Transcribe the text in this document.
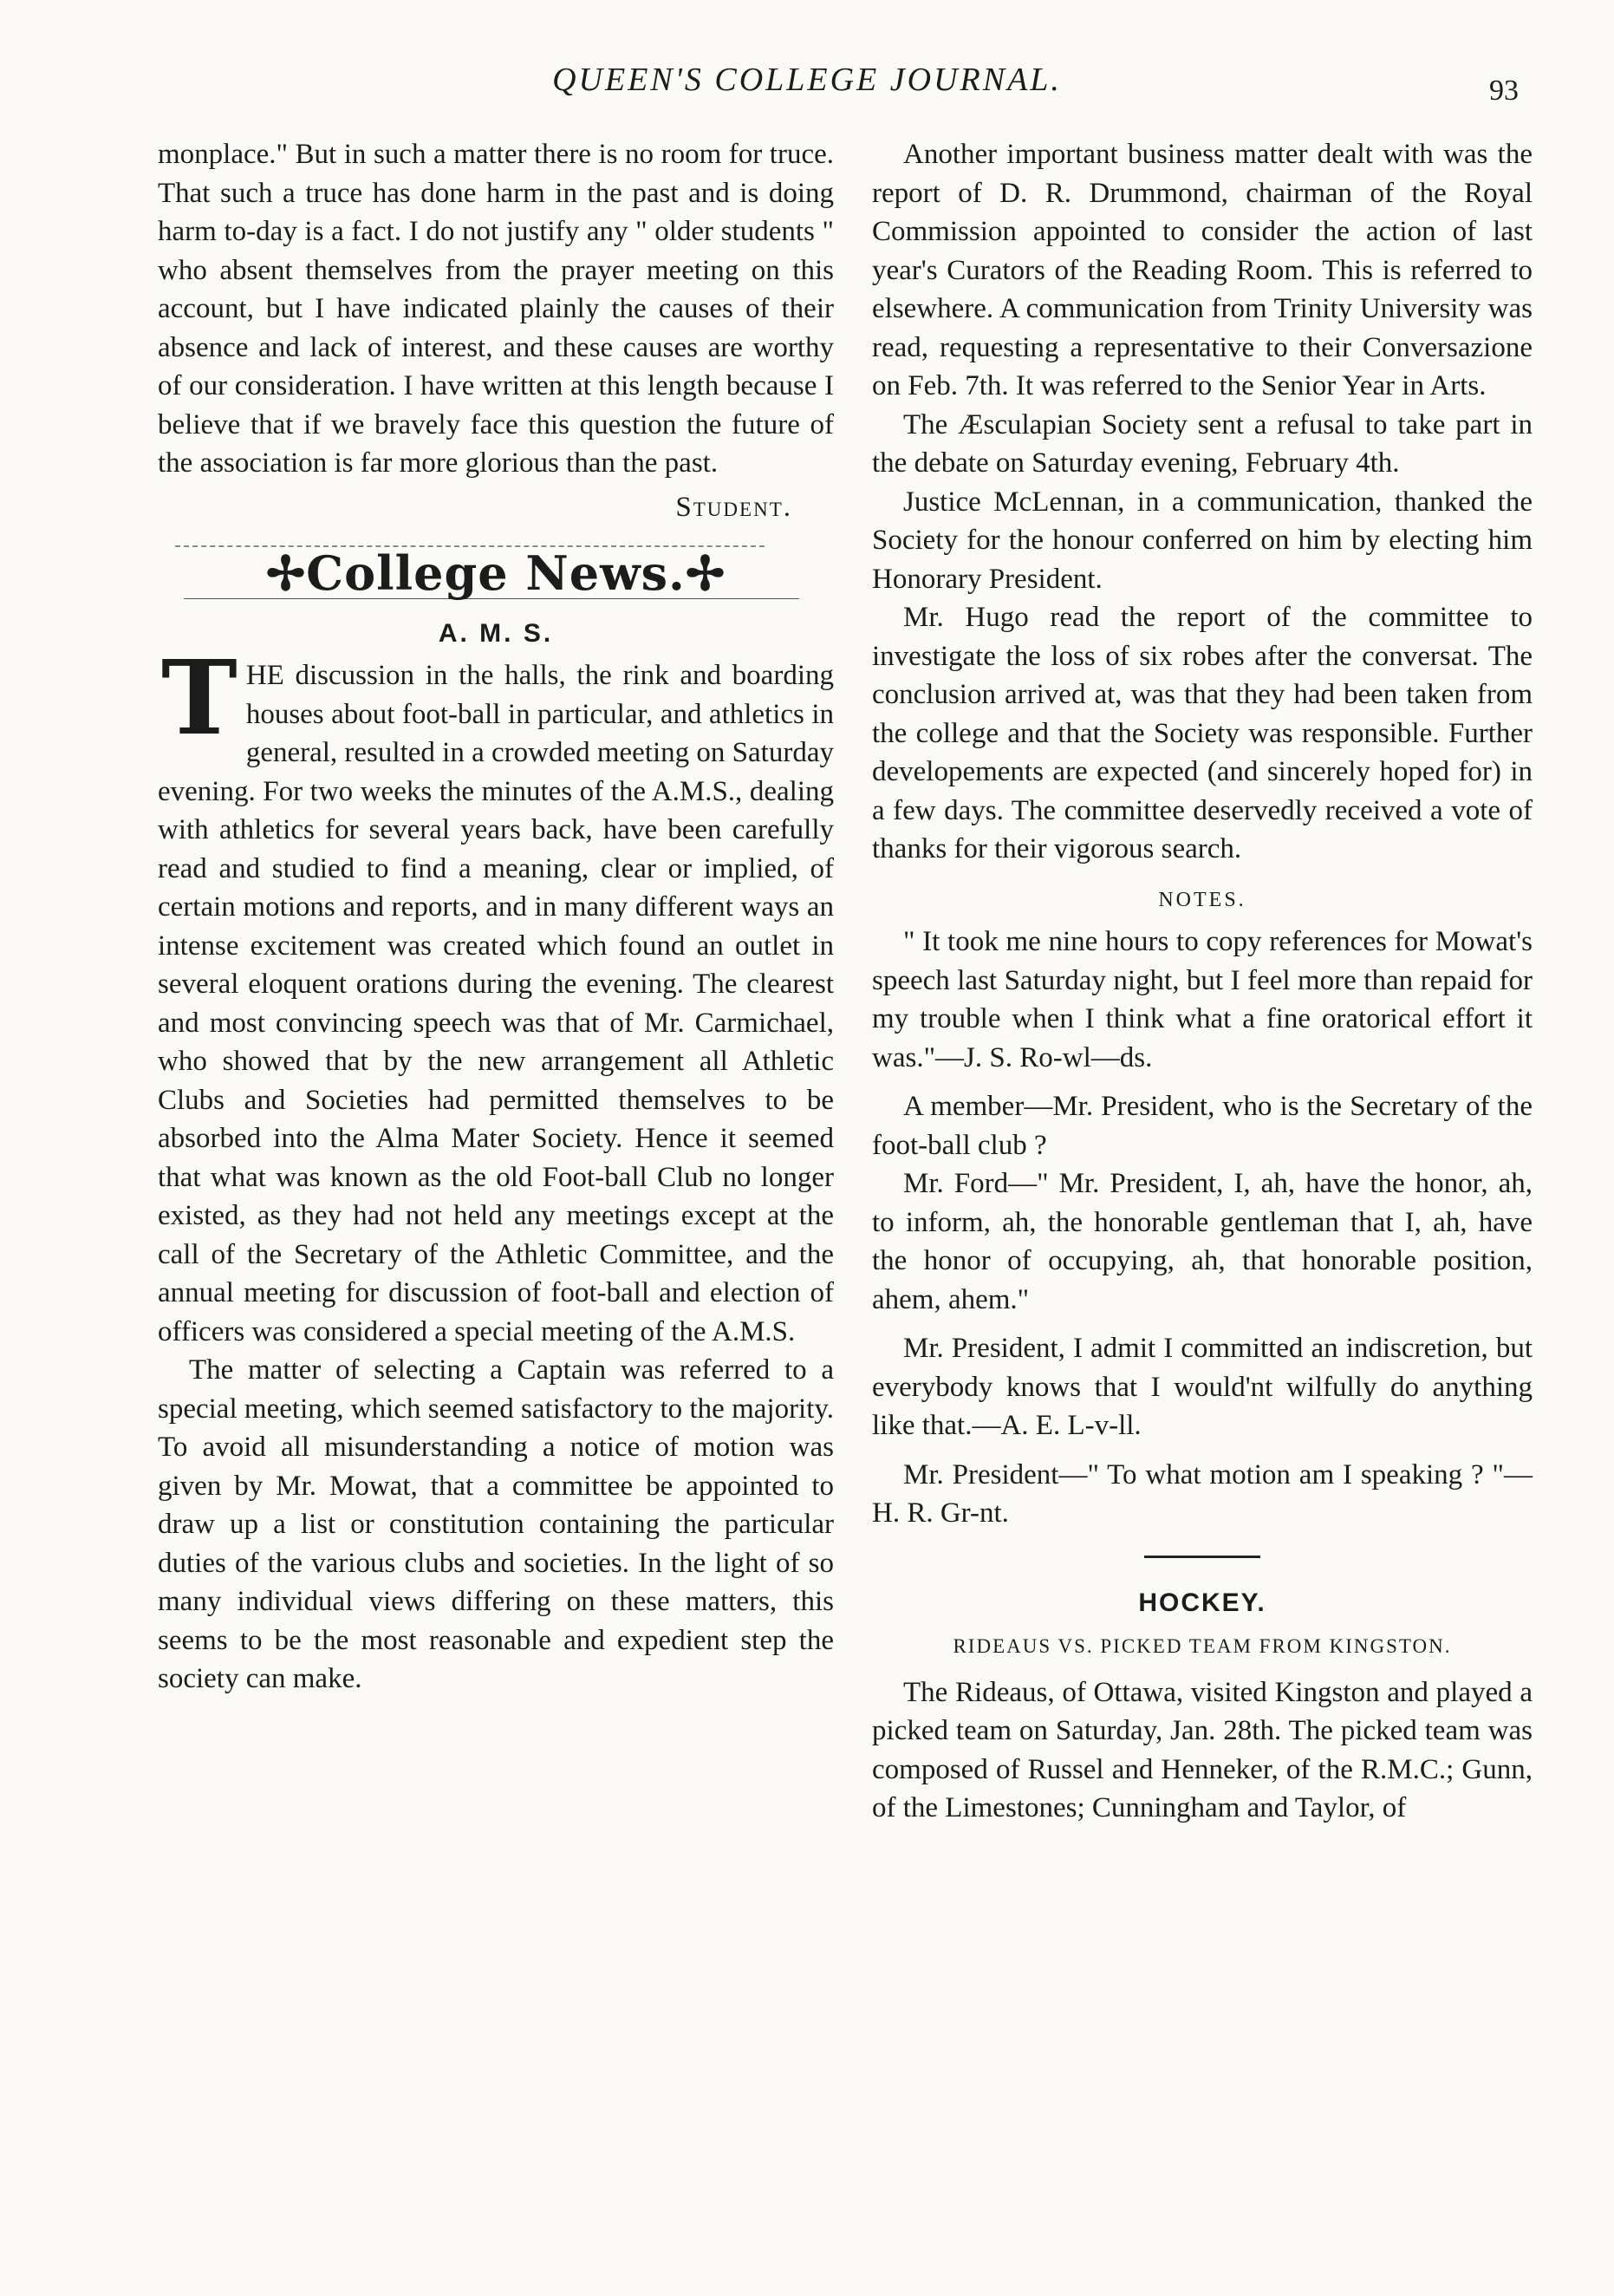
QUEEN'S COLLEGE JOURNAL.	93

monplace." But in such a matter there is no room for truce. That such a truce has done harm in the past and is doing harm to-day is a fact. I do not justify any " older students " who absent themselves from the prayer meeting on this account, but I have indicated plainly the causes of their absence and lack of interest, and these causes are worthy of our consideration. I have written at this length because I believe that if we bravely face this question the future of the association is far more glorious than the past.

Student.
✢College News.✢
A. M. S.

THE discussion in the halls, the rink and boarding houses about foot-ball in particular, and athletics in general, resulted in a crowded meeting on Saturday evening. For two weeks the minutes of the A.M.S., dealing with athletics for several years back, have been carefully read and studied to find a meaning, clear or implied, of certain motions and reports, and in many different ways an intense excitement was created which found an outlet in several eloquent orations during the evening. The clearest and most convincing speech was that of Mr. Carmichael, who showed that by the new arrangement all Athletic Clubs and Societies had permitted themselves to be absorbed into the Alma Mater Society. Hence it seemed that what was known as the old Foot-ball Club no longer existed, as they had not held any meetings except at the call of the Secretary of the Athletic Committee, and the annual meeting for discussion of foot-ball and election of officers was considered a special meeting of the A.M.S.

The matter of selecting a Captain was referred to a special meeting, which seemed satisfactory to the majority. To avoid all misunderstanding a notice of motion was given by Mr. Mowat, that a committee be appointed to draw up a list or constitution containing the particular duties of the various clubs and societies. In the light of so many individual views differing on these matters, this seems to be the most reasonable and expedient step the society can make.

Another important business matter dealt with was the report of D. R. Drummond, chairman of the Royal Commission appointed to consider the action of last year's Curators of the Reading Room. This is referred to elsewhere. A communication from Trinity University was read, requesting a representative to their Conversazione on Feb. 7th. It was referred to the Senior Year in Arts.

The Æsculapian Society sent a refusal to take part in the debate on Saturday evening, February 4th.

Justice McLennan, in a communication, thanked the Society for the honour conferred on him by electing him Honorary President.

Mr. Hugo read the report of the committee to investigate the loss of six robes after the conversat. The conclusion arrived at, was that they had been taken from the college and that the Society was responsible. Further developements are expected (and sincerely hoped for) in a few days. The committee deservedly received a vote of thanks for their vigorous search.

NOTES.

" It took me nine hours to copy references for Mowat's speech last Saturday night, but I feel more than repaid for my trouble when I think what a fine oratorical effort it was."—J. S. Ro-wl—ds.

A member—Mr. President, who is the Secretary of the foot-ball club ?

Mr. Ford—" Mr. President, I, ah, have the honor, ah, to inform, ah, the honorable gentleman that I, ah, have the honor of occupying, ah, that honorable position, ahem, ahem."

Mr. President, I admit I committed an indiscretion, but everybody knows that I would'nt wilfully do anything like that.—A. E. L-v-ll.

Mr. President—" To what motion am I speaking ? "—H. R. Gr-nt.

HOCKEY.
RIDEAUS VS. PICKED TEAM FROM KINGSTON.

The Rideaus, of Ottawa, visited Kingston and played a picked team on Saturday, Jan. 28th. The picked team was composed of Russel and Henneker, of the R.M.C.; Gunn, of the Limestones; Cunningham and Taylor, of
